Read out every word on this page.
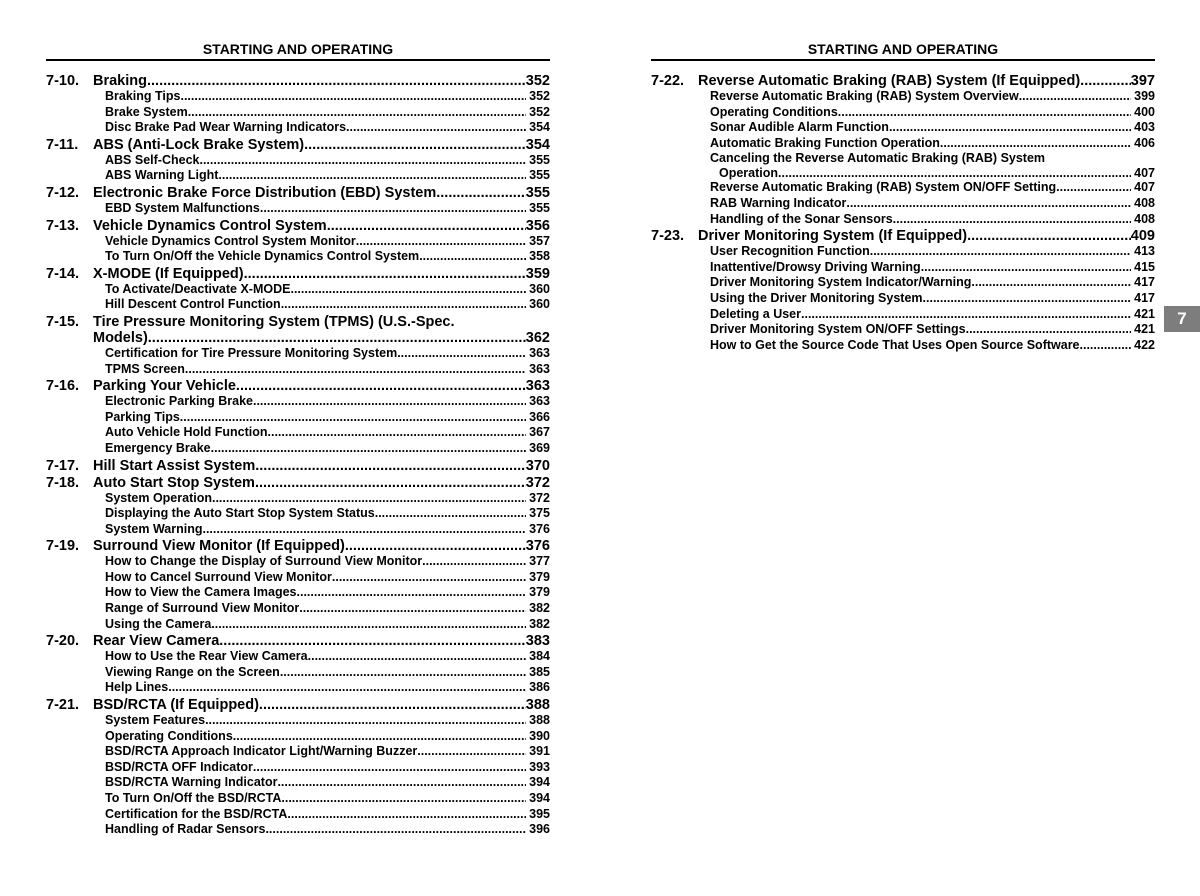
STARTING AND OPERATING
7-10. Braking .....	352
Braking Tips .....	352
Brake System .....	352
Disc Brake Pad Wear Warning Indicators .....	354
7-11.	ABS (Anti-Lock Brake System) .....	354
ABS Self-Check .....	355
ABS Warning Light .....	355
7-12. Electronic Brake Force Distribution (EBD) System .....	355
EBD System Malfunctions .....	355
7-13. Vehicle Dynamics Control System .....	356
Vehicle Dynamics Control System Monitor .....	357
To Turn On/Off the Vehicle Dynamics Control System .....	358
7-14. X-MODE (If Equipped) .....	359
To Activate/Deactivate X-MODE .....	360
Hill Descent Control Function .....	360
7-15. Tire Pressure Monitoring System (TPMS) (U.S.-Spec.
Models) .....	362
Certification for Tire Pressure Monitoring System .....	363
TPMS Screen .....	363
7-16. Parking Your Vehicle .....	363
Electronic Parking Brake .....	363
Parking Tips .....	366
Auto Vehicle Hold Function .....	367
Emergency Brake .....	369
7-17. Hill Start Assist System .....	370
7-18. Auto Start Stop System .....	372
System Operation .....	372
Displaying the Auto Start Stop System Status .....	375
System Warning .....	376
7-19. Surround View Monitor (If Equipped) .....	376
How to Change the Display of Surround View Monitor .....	377
How to Cancel Surround View Monitor .....	379
How to View the Camera Images .....	379
Range of Surround View Monitor .....	382
Using the Camera .....	382
7-20. Rear View Camera .....	383
How to Use the Rear View Camera .....	384
Viewing Range on the Screen .....	385
Help Lines .....	386
7-21. BSD/RCTA (If Equipped) .....	388
System Features .....	388
Operating Conditions .....	390
BSD/RCTA Approach Indicator Light/Warning Buzzer .....	391
BSD/RCTA OFF Indicator .....	393
BSD/RCTA Warning Indicator .....	394
To Turn On/Off the BSD/RCTA .....	394
Certification for the BSD/RCTA .....	395
Handling of Radar Sensors .....	396
STARTING AND OPERATING
7-22. Reverse Automatic Braking (RAB) System (If Equipped) .....	397
Reverse Automatic Braking (RAB) System Overview .....	399
Operating Conditions .....	400
Sonar Audible Alarm Function .....	403
Automatic Braking Function Operation .....	406
Canceling the Reverse Automatic Braking (RAB) System
Operation .....	407
Reverse Automatic Braking (RAB) System ON/OFF Setting .....	407
RAB Warning Indicator .....	408
Handling of the Sonar Sensors .....	408
7-23. Driver Monitoring System (If Equipped) .....	409
User Recognition Function .....	413
Inattentive/Drowsy Driving Warning .....	415
Driver Monitoring System Indicator/Warning .....	417
Using the Driver Monitoring System .....	417
Deleting a User .....	421
Driver Monitoring System ON/OFF Settings .....	421
How to Get the Source Code That Uses Open Source Software .....	422
7
